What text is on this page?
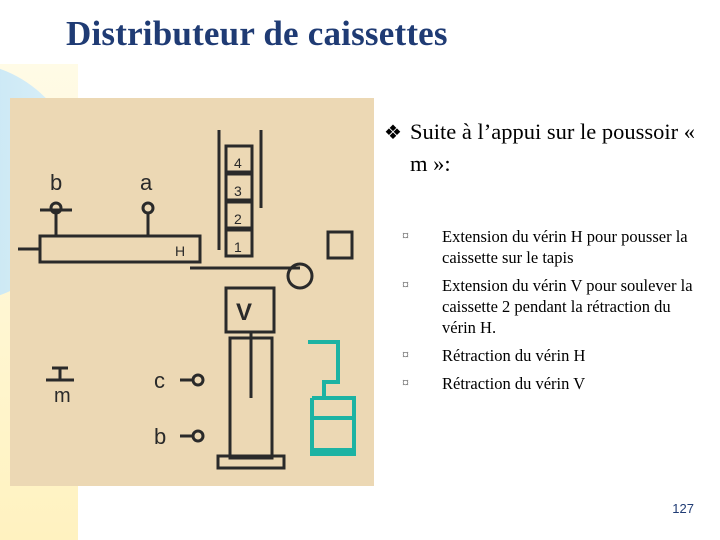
Distributeur de caissettes
b	a
H
V
c
m
b
1
2
3
4
❖ Suite à l’appui sur le poussoir « m »:
¤ Extension du vérin H pour pousser la caissette sur le tapis
¤ Extension du vérin V pour soulever la caissette 2 pendant la rétraction du vérin H.
¤ Rétraction du vérin H
¤ Rétraction du vérin V
127
